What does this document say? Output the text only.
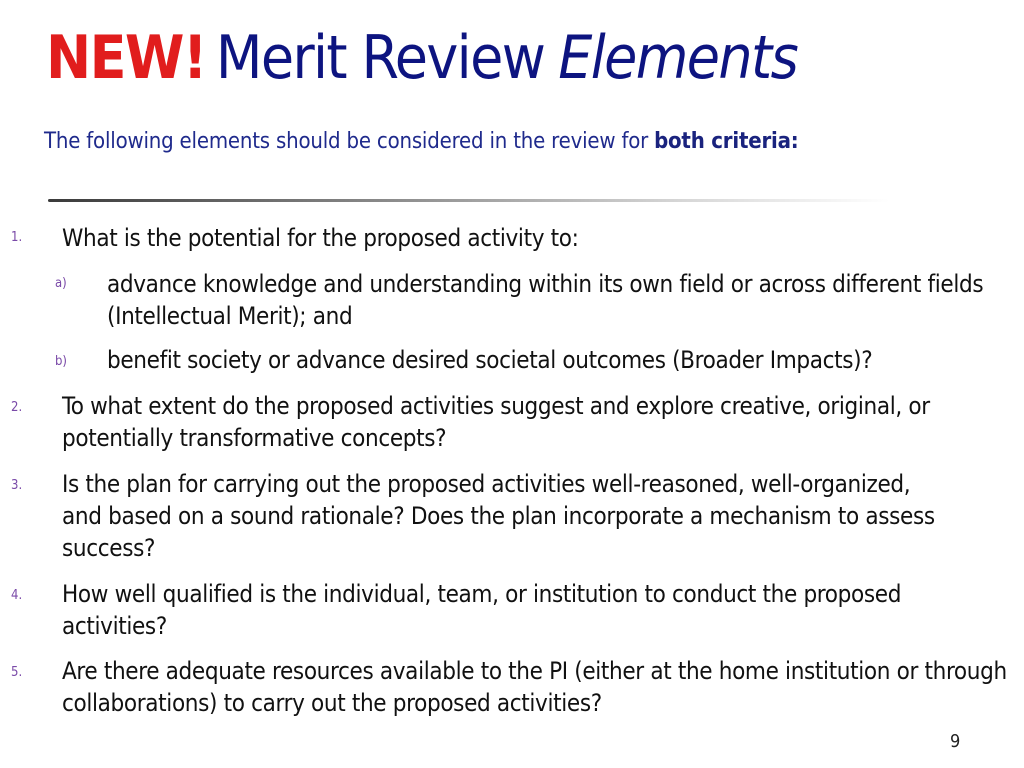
NEW! Merit Review Elements
The following elements should be considered in the review for both criteria:
1. What is the potential for the proposed activity to:
a) advance knowledge and understanding within its own field or across different fields (Intellectual Merit); and
b) benefit society or advance desired societal outcomes (Broader Impacts)?
2. To what extent do the proposed activities suggest and explore creative, original, or potentially transformative concepts?
3. Is the plan for carrying out the proposed activities well-reasoned, well-organized, and based on a sound rationale? Does the plan incorporate a mechanism to assess success?
4. How well qualified is the individual, team, or institution to conduct the proposed activities?
5. Are there adequate resources available to the PI (either at the home institution or through collaborations) to carry out the proposed activities?
9
